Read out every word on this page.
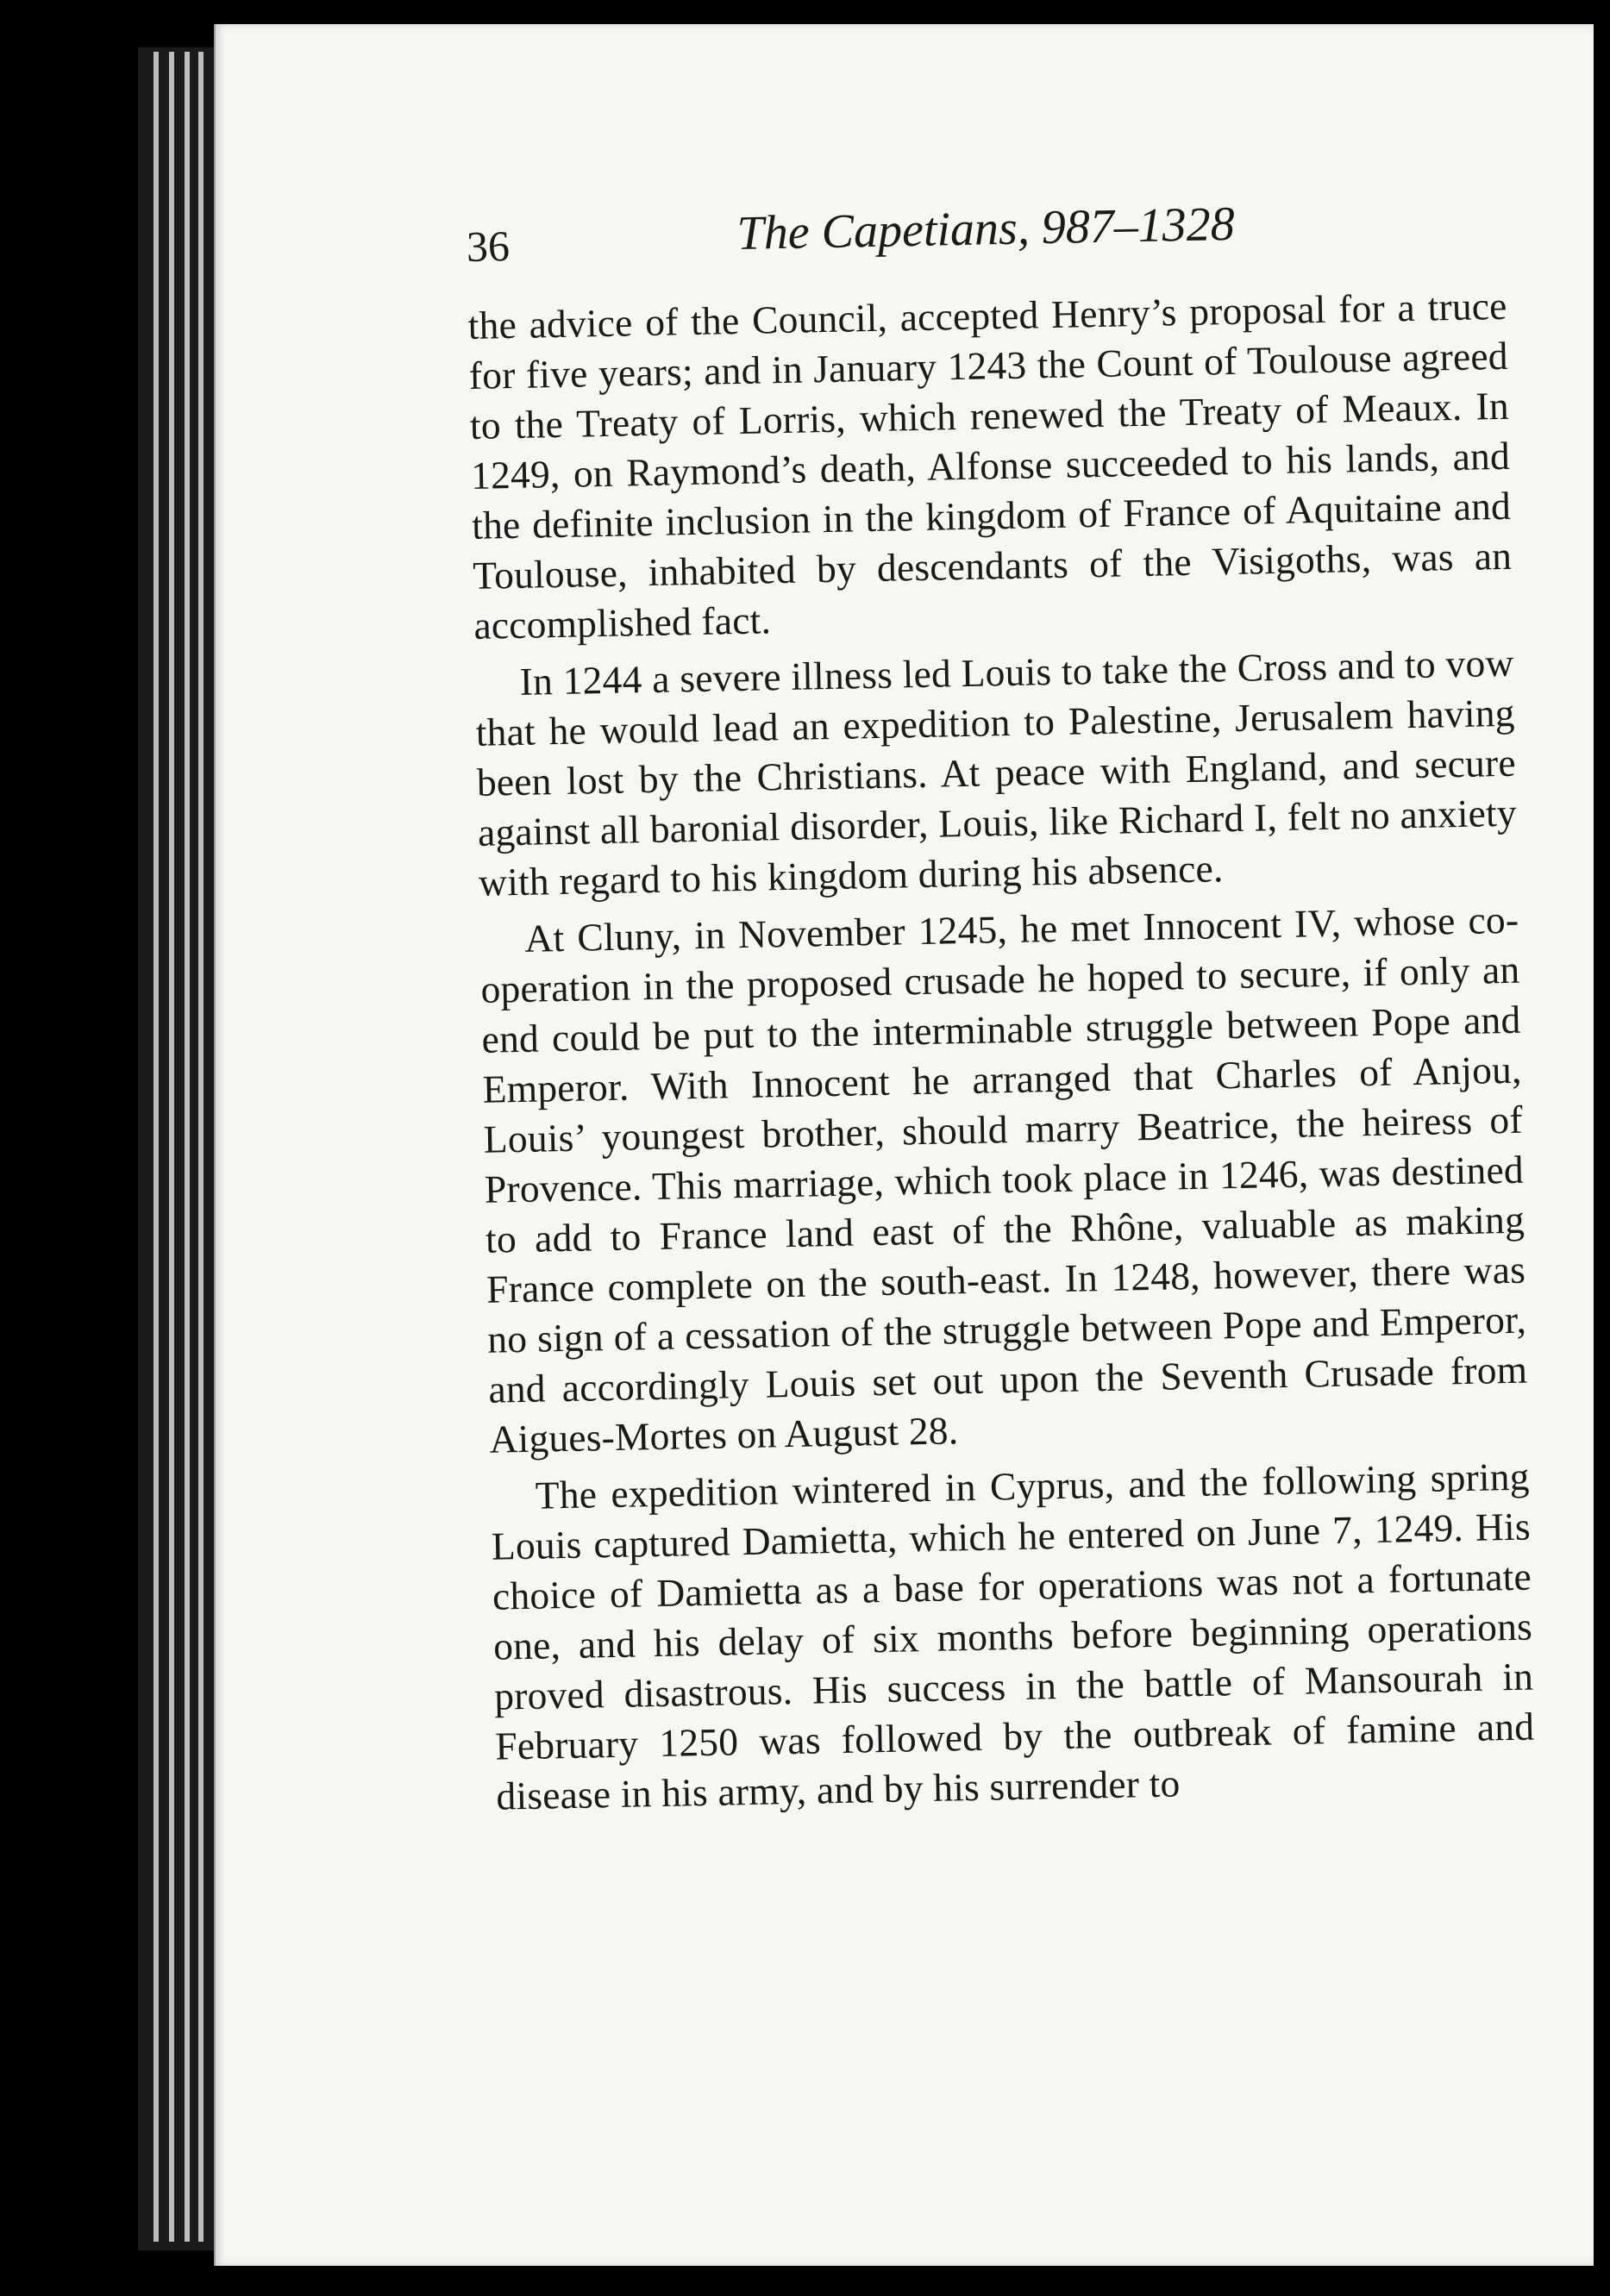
36	The Capetians, 987–1328

the advice of the Council, accepted Henry’s proposal for a truce for five years; and in January 1243 the Count of Toulouse agreed to the Treaty of Lorris, which renewed the Treaty of Meaux. In 1249, on Raymond’s death, Alfonse succeeded to his lands, and the definite inclusion in the kingdom of France of Aquitaine and Toulouse, inhabited by descendants of the Visigoths, was an accomplished fact.

In 1244 a severe illness led Louis to take the Cross and to vow that he would lead an expedition to Palestine, Jerusalem having been lost by the Christians. At peace with England, and secure against all baronial disorder, Louis, like Richard I, felt no anxiety with regard to his kingdom during his absence.

At Cluny, in November 1245, he met Innocent IV, whose co-operation in the proposed crusade he hoped to secure, if only an end could be put to the interminable struggle between Pope and Emperor. With Innocent he arranged that Charles of Anjou, Louis’ youngest brother, should marry Beatrice, the heiress of Provence. This marriage, which took place in 1246, was destined to add to France land east of the Rhône, valuable as making France complete on the south-east. In 1248, however, there was no sign of a cessation of the struggle between Pope and Emperor, and accordingly Louis set out upon the Seventh Crusade from Aigues-Mortes on August 28.

The expedition wintered in Cyprus, and the following spring Louis captured Damietta, which he entered on June 7, 1249. His choice of Damietta as a base for operations was not a fortunate one, and his delay of six months before beginning operations proved disastrous. His success in the battle of Mansourah in February 1250 was followed by the outbreak of famine and disease in his army, and by his surrender to
